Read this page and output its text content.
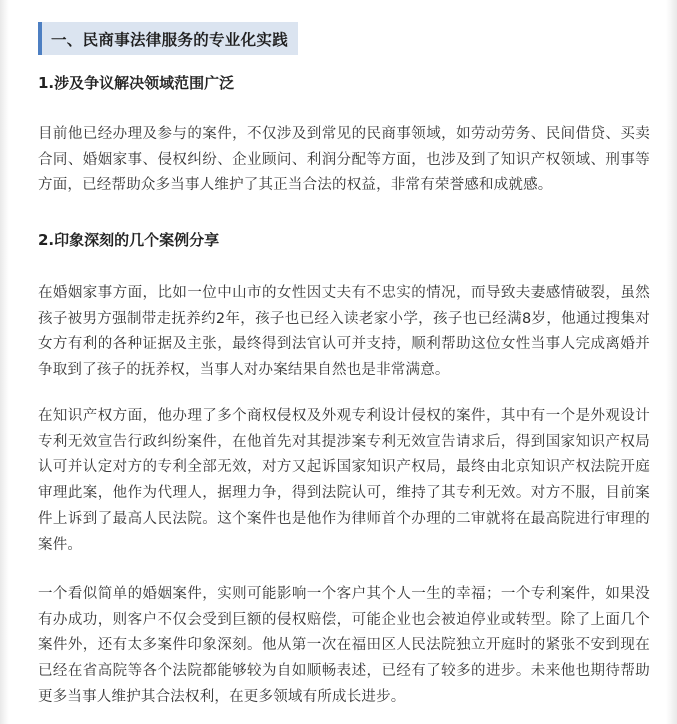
一、民商事法律服务的专业化实践
1.涉及争议解决领域范围广泛

目前他已经办理及参与的案件，不仅涉及到常见的民商事领域，如劳动劳务、民间借贷、买卖合同、婚姻家事、侵权纠纷、企业顾问、利润分配等方面，也涉及到了知识产权领域、刑事等方面，已经帮助众多当事人维护了其正当合法的权益，非常有荣誉感和成就感。

2.印象深刻的几个案例分享

在婚姻家事方面，比如一位中山市的女性因丈夫有不忠实的情况，而导致夫妻感情破裂，虽然孩子被男方强制带走抚养约2年，孩子也已经入读老家小学，孩子也已经满8岁，他通过搜集对女方有利的各种证据及主张，最终得到法官认可并支持，顺利帮助这位女性当事人完成离婚并争取到了孩子的抚养权，当事人对办案结果自然也是非常满意。

在知识产权方面，他办理了多个商权侵权及外观专利设计侵权的案件，其中有一个是外观设计专利无效宣告行政纠纷案件，在他首先对其提涉案专利无效宣告请求后，得到国家知识产权局认可并认定对方的专利全部无效，对方又起诉国家知识产权局，最终由北京知识产权法院开庭审理此案，他作为代理人，据理力争，得到法院认可，维持了其专利无效。对方不服，目前案件上诉到了最高人民法院。这个案件也是他作为律师首个办理的二审就将在最高院进行审理的案件。

一个看似简单的婚姻案件，实则可能影响一个客户其个人一生的幸福；一个专利案件，如果没有办成功，则客户不仅会受到巨额的侵权赔偿，可能企业也会被迫停业或转型。除了上面几个案件外，还有太多案件印象深刻。他从第一次在福田区人民法院独立开庭时的紧张不安到现在已经在省高院等各个法院都能够较为自如顺畅表述，已经有了较多的进步。未来他也期待帮助更多当事人维护其合法权利，在更多领域有所成长进步。
